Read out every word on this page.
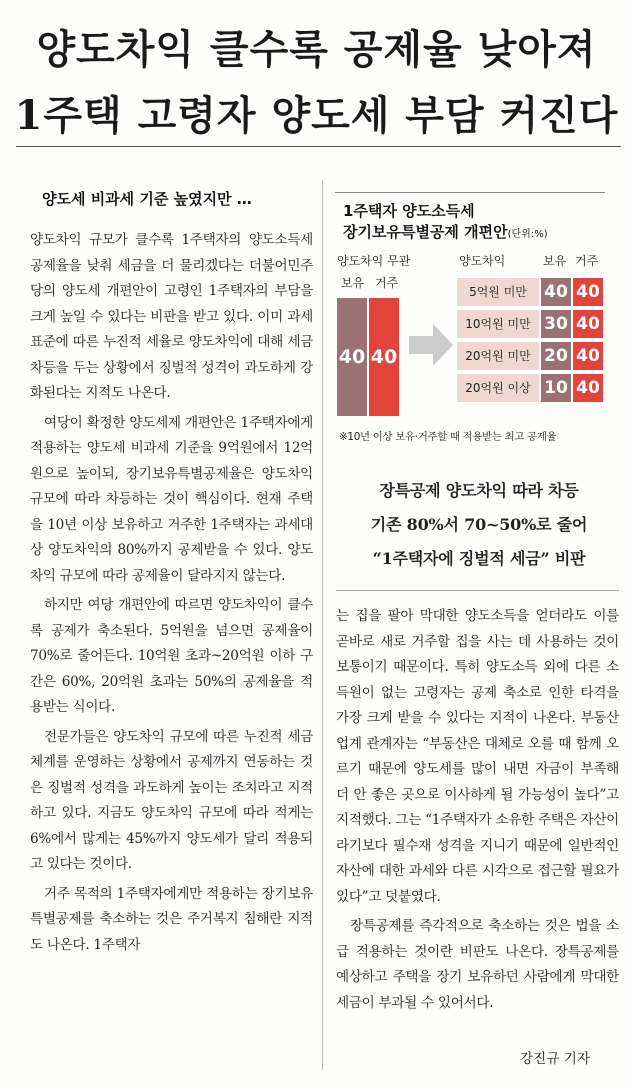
양도차익 클수록 공제율 낮아져
1주택 고령자 양도세 부담 커진다
양도세 비과세 기준 높였지만 …

양도차익 규모가 클수록 1주택자의 양도소득세 공제율을 낮춰 세금을 더 물리겠다는 더불어민주당의 양도세 개편안이 고령인 1주택자의 부담을 크게 높일 수 있다는 비판을 받고 있다. 이미 과세표준에 따른 누진적 세율로 양도차익에 대해 세금 차등을 두는 상황에서 징벌적 성격이 과도하게 강화된다는 지적도 나온다.

여당이 확정한 양도세제 개편안은 1주택자에게 적용하는 양도세 비과세 기준을 9억원에서 12억원으로 높이되, 장기보유특별공제율은 양도차익 규모에 따라 차등하는 것이 핵심이다. 현재 주택을 10년 이상 보유하고 거주한 1주택자는 과세대상 양도차익의 80%까지 공제받을 수 있다. 양도차익 규모에 따라 공제율이 달라지지 않는다.

하지만 여당 개편안에 따르면 양도차익이 클수록 공제가 축소된다. 5억원을 넘으면 공제율이 70%로 줄어든다. 10억원 초과~20억원 이하 구간은 60%, 20억원 초과는 50%의 공제율을 적용받는 식이다.

전문가들은 양도차익 규모에 따른 누진적 세금 체계를 운영하는 상황에서 공제까지 연동하는 것은 징벌적 성격을 과도하게 높이는 조치라고 지적하고 있다. 지금도 양도차익 규모에 따라 적게는 6%에서 많게는 45%까지 양도세가 달리 적용되고 있다는 것이다.

거주 목적의 1주택자에게만 적용하는 장기보유특별공제를 축소하는 것은 주거복지 침해란 지적도 나온다. 1주택자

1주택자 양도소득세
장기보유특별공제 개편안(단위:%)
양도차익 무관
보유 거주
40 40
양도차익	보유 거주
5억원 미만	40 40
10억원 미만 30 40
20억원 미만 20 40
20억원 이상 10 40
※10년 이상 보유·거주할 때 적용받는 최고 공제율
장특공제 양도차익 따라 차등
기존 80%서 70~50%로 줄어
“1주택자에 징벌적 세금” 비판

는 집을 팔아 막대한 양도소득을 얻더라도 이를 곧바로 새로 거주할 집을 사는 데 사용하는 것이 보통이기 때문이다. 특히 양도소득 외에 다른 소득원이 없는 고령자는 공제 축소로 인한 타격을 가장 크게 받을 수 있다는 지적이 나온다. 부동산업계 관계자는 “부동산은 대체로 오를 때 함께 오르기 때문에 양도세를 많이 내면 자금이 부족해 더 안 좋은 곳으로 이사하게 될 가능성이 높다”고 지적했다. 그는 “1주택자가 소유한 주택은 자산이라기보다 필수재 성격을 지니기 때문에 일반적인 자산에 대한 과세와 다른 시각으로 접근할 필요가 있다”고 덧붙였다.

장특공제를 즉각적으로 축소하는 것은 법을 소급 적용하는 것이란 비판도 나온다. 장특공제를 예상하고 주택을 장기 보유하던 사람에게 막대한 세금이 부과될 수 있어서다.

강진규 기자
